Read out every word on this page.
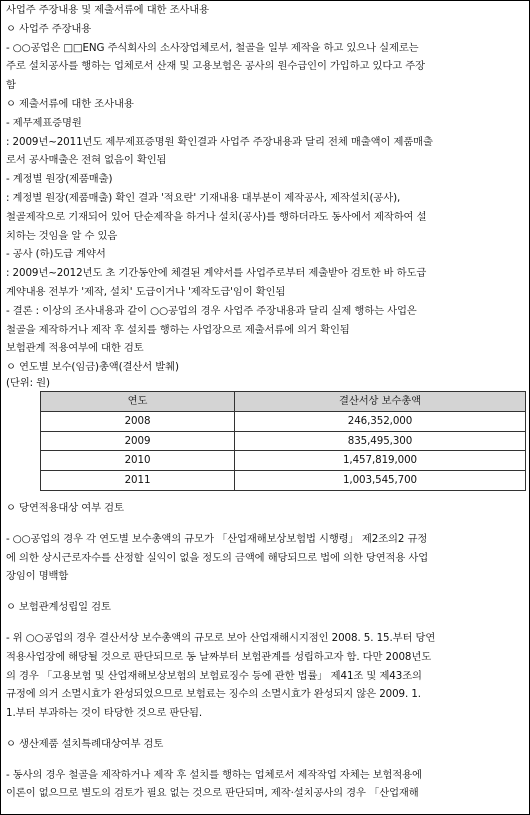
사업주 주장내용 및 제출서류에 대한 조사내용
ㅇ 사업주 주장내용
- ○○공업은 □□ENG 주식회사의 소사장업체로서, 철골을 일부 제작을 하고 있으나 실제로는
주로 설치공사를 행하는 업체로서 산재 및 고용보험은 공사의 원수급인이 가입하고 있다고 주장
함
ㅇ 제출서류에 대한 조사내용
- 제무제표증명원
: 2009년~2011년도 제무제표증명원 확인결과 사업주 주장내용과 달리 전체 매출액이 제품매출
로서 공사매출은 전혀 없음이 확인됨
- 계정별 원장(제품매출)
: 계정별 원장(제품매출) 확인 결과 '적요란' 기재내용 대부분이 제작공사, 제작설치(공사),
철골제작으로 기재되어 있어 단순제작을 하거나 설치(공사)를 행하더라도 동사에서 제작하여 설
치하는 것임을 알 수 있음
- 공사 (하)도급 계약서
: 2009년~2012년도 초 기간동안에 체결된 계약서를 사업주로부터 제출받아 검토한 바 하도급
계약내용 전부가 '제작, 설치' 도급이거나 '제작도급'임이 확인됨
- 결론 : 이상의 조사내용과 같이 ○○공업의 경우 사업주 주장내용과 달리 실제 행하는 사업은
철골을 제작하거나 제작 후 설치를 행하는 사업장으로 제출서류에 의거 확인됨
보험관계 적용여부에 대한 검토
ㅇ 연도별 보수(임금)총액(결산서 발췌)
(단위: 원)
연도	결산서상 보수총액
2008	246,352,000
2009	835,495,300
2010	1,457,819,000
2011	1,003,545,700
ㅇ 당연적용대상 여부 검토
- ○○공업의 경우 각 연도별 보수총액의 규모가 「산업재해보상보험법 시행령」 제2조의2 규정
에 의한 상시근로자수를 산정할 실익이 없을 정도의 금액에 해당되므로 법에 의한 당연적용 사업
장임이 명백함
ㅇ 보험관계성립일 검토
- 위 ○○공업의 경우 결산서상 보수총액의 규모로 보아 산업재해시지점인 2008. 5. 15.부터 당연
적용사업장에 해당될 것으로 판단되므로 동 날짜부터 보험관계를 성립하고자 함. 다만 2008년도
의 경우 「고용보험 및 산업재해보상보험의 보험료징수 등에 관한 법률」 제41조 및 제43조의
규정에 의거 소멸시효가 완성되었으므로 보험료는 징수의 소멸시효가 완성되지 않은 2009. 1.
1.부터 부과하는 것이 타당한 것으로 판단됨.
ㅇ 생산제품 설치특례대상여부 검토
- 동사의 경우 철골을 제작하거나 제작 후 설치를 행하는 업체로서 제작작업 자체는 보험적용에
이론이 없으므로 별도의 검토가 필요 없는 것으로 판단되며, 제작·설치공사의 경우 「산업재해
